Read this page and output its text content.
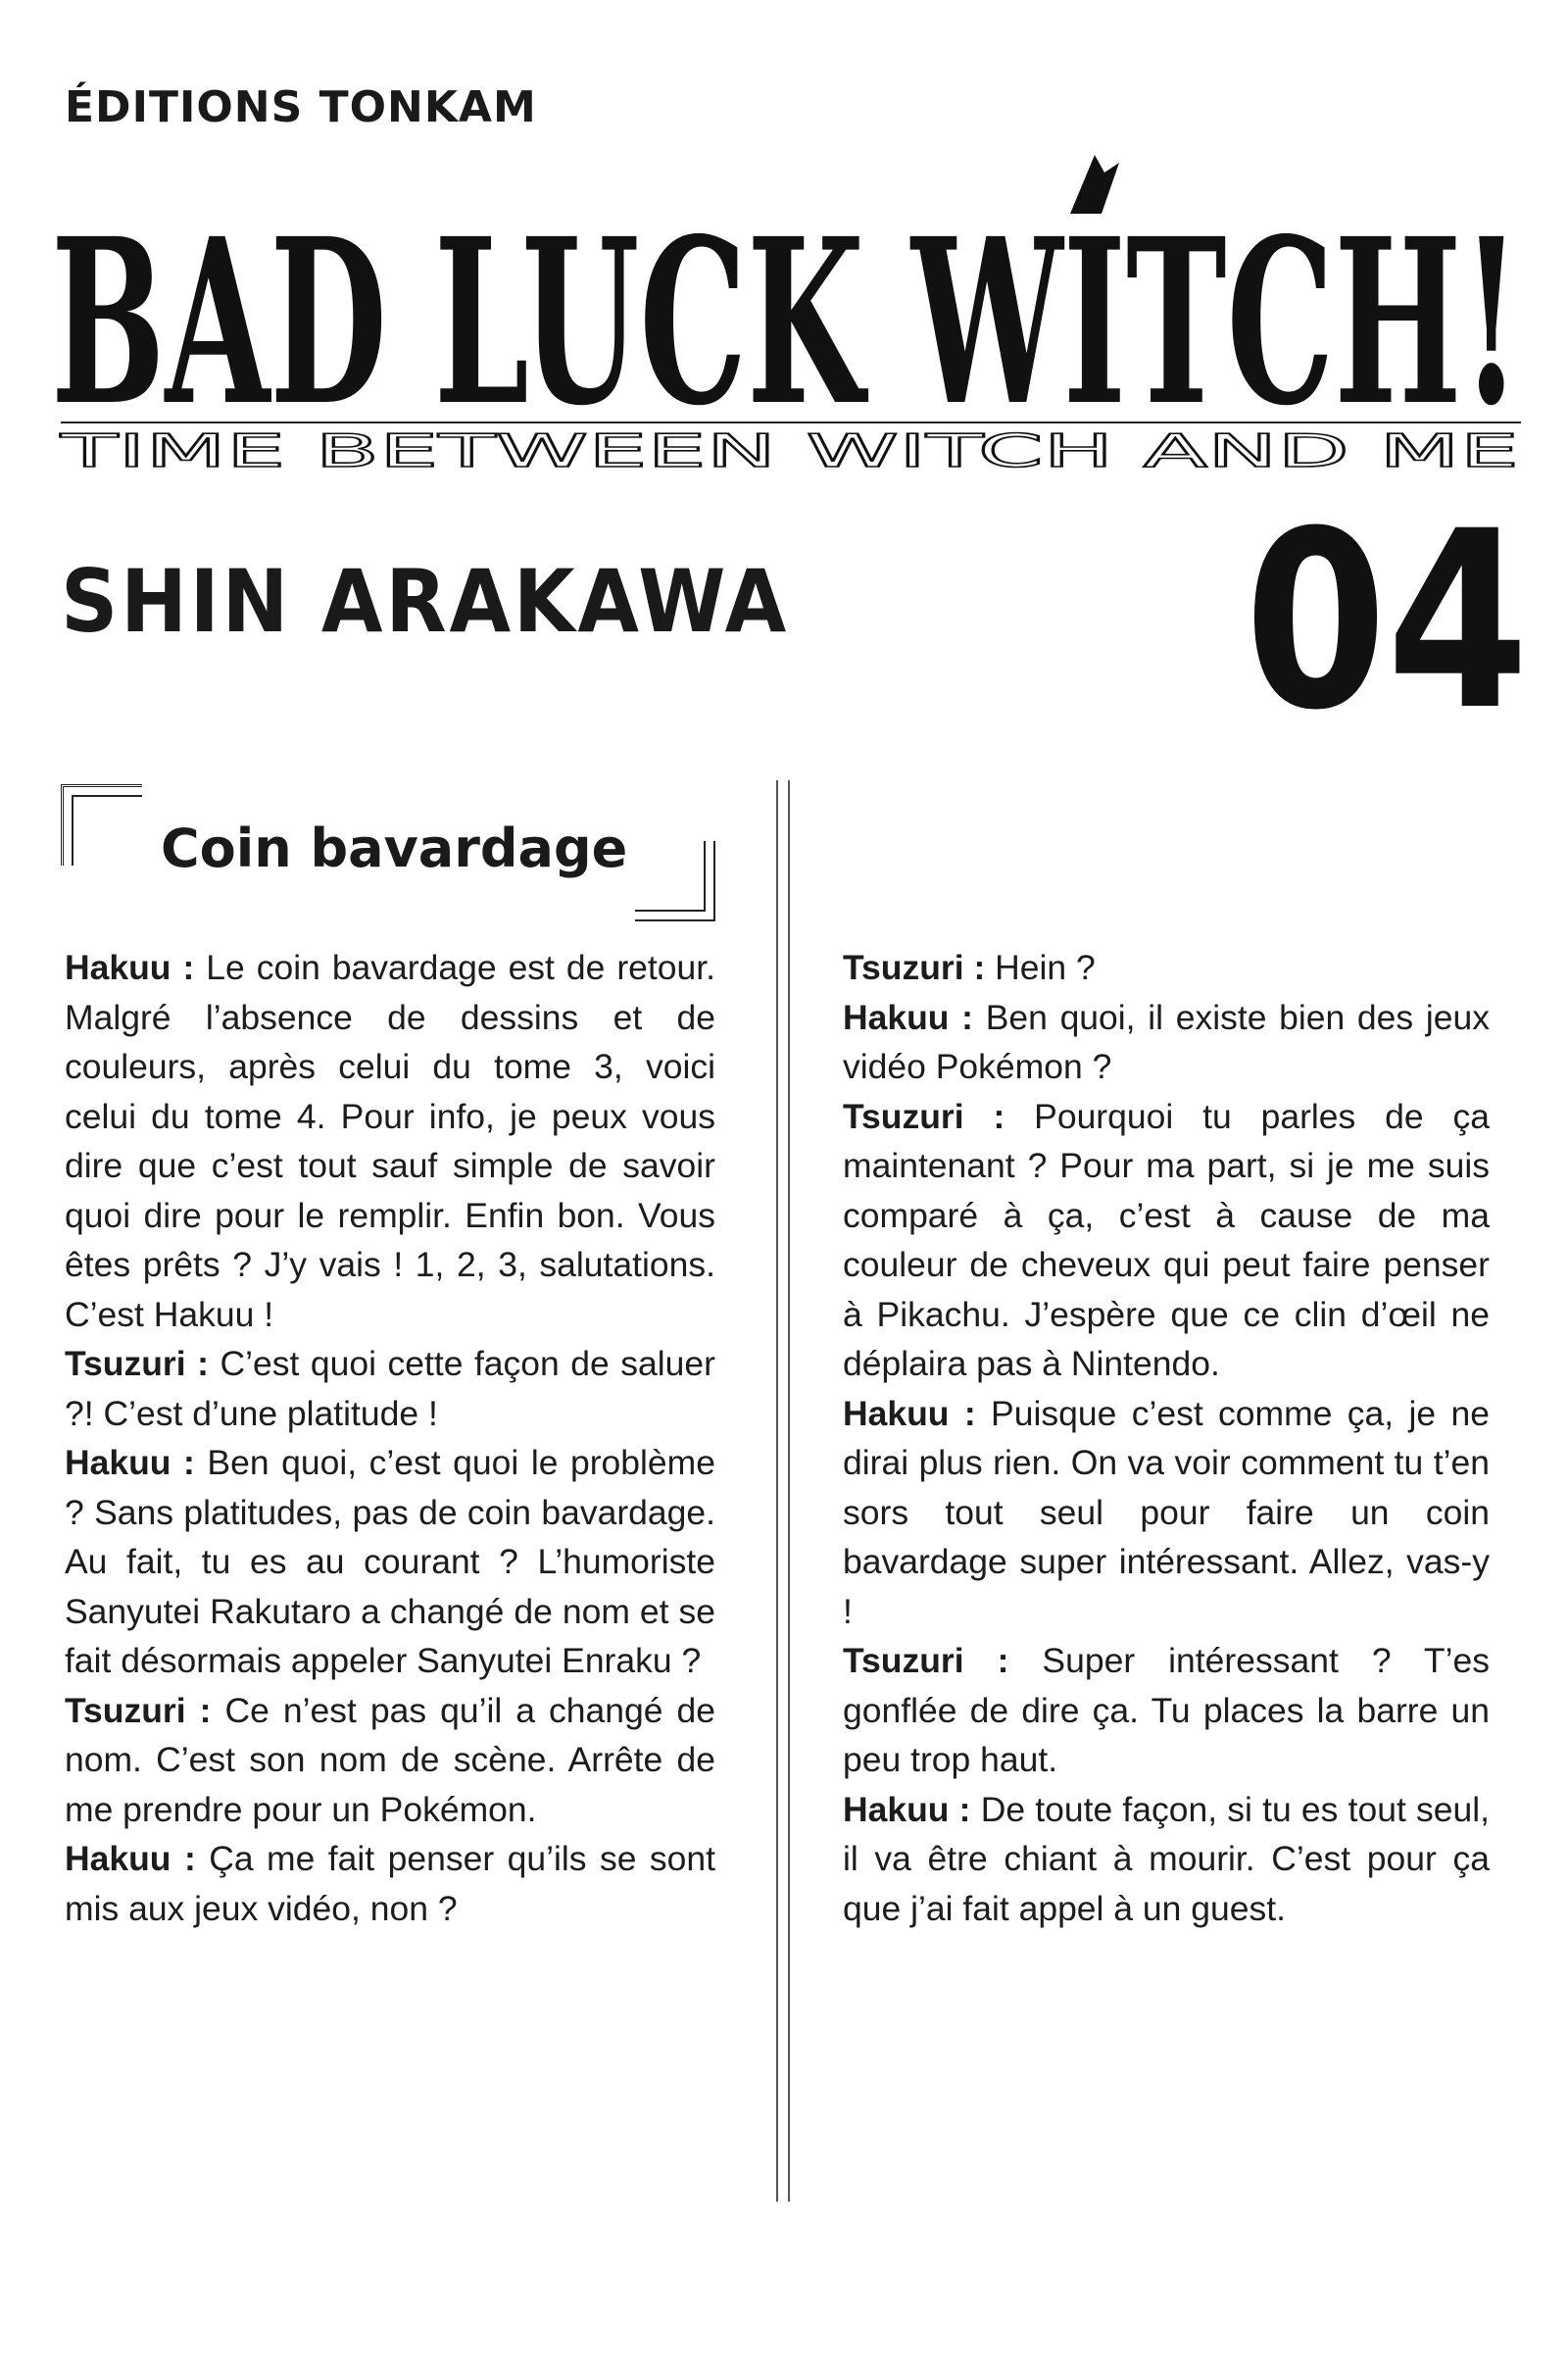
ÉDITIONS TONKAM
BAD LUCK WITCH!
TIME BETWEEN WITCH AND ME
SHIN ARAKAWA 04
Coin bavardage

Hakuu : Le coin bavardage est de retour. Malgré l’absence de dessins et de couleurs, après celui du tome 3, voici celui du tome 4. Pour info, je peux vous dire que c’est tout sauf simple de savoir quoi dire pour le remplir. Enfin bon. Vous êtes prêts ? J’y vais ! 1, 2, 3, salutations. C’est Hakuu !

Tsuzuri : C’est quoi cette façon de saluer ?! C’est d’une platitude !

Hakuu : Ben quoi, c’est quoi le problème ? Sans platitudes, pas de coin bavardage. Au fait, tu es au courant ? L’humoriste Sanyutei Rakutaro a changé de nom et se fait désormais appeler Sanyutei Enraku ?

Tsuzuri : Ce n’est pas qu’il a changé de nom. C’est son nom de scène. Arrête de me prendre pour un Pokémon.

Hakuu : Ça me fait penser qu’ils se sont mis aux jeux vidéo, non ?

Tsuzuri : Hein ?

Hakuu : Ben quoi, il existe bien des jeux vidéo Pokémon ?

Tsuzuri : Pourquoi tu parles de ça maintenant ? Pour ma part, si je me suis comparé à ça, c’est à cause de ma couleur de cheveux qui peut faire penser à Pikachu. J’espère que ce clin d’œil ne déplaira pas à Nintendo.

Hakuu : Puisque c’est comme ça, je ne dirai plus rien. On va voir comment tu t’en sors tout seul pour faire un coin bavardage super intéressant. Allez, vas-y !

Tsuzuri : Super intéressant ? T’es gonflée de dire ça. Tu places la barre un peu trop haut.

Hakuu : De toute façon, si tu es tout seul, il va être chiant à mourir. C’est pour ça que j’ai fait appel à un guest.
